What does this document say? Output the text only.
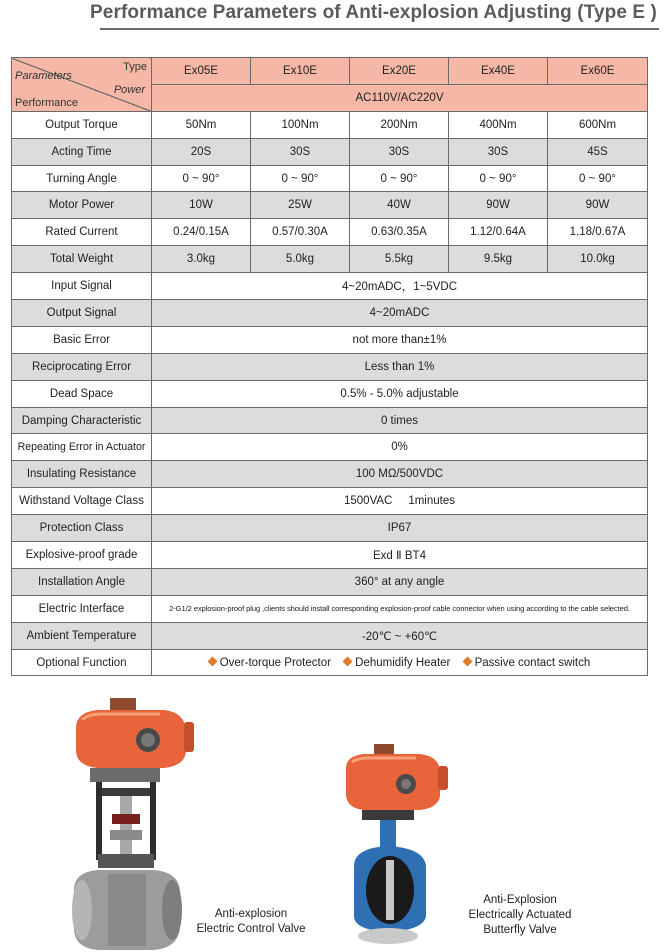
Performance Parameters of Anti-explosion Adjusting (Type E )
Type
Parameters
Power
Performance	Ex05E	Ex10E	Ex20E	Ex40E	Ex60E
	AC110V/AC220V				
Output Torque	50Nm	100Nm	200Nm	400Nm	600Nm
Acting Time	20S	30S	30S	30S	45S
Turning Angle	0 ~ 90°	0 ~ 90°	0 ~ 90°	0 ~ 90°	0 ~ 90°
Motor Power	10W	25W	40W	90W	90W
Rated Current	0.24/0.15A	0.57/0.30A	0.63/0.35A	1.12/0.64A	1.18/0.67A
Total Weight	3.0kg	5.0kg	5.5kg	9.5kg	10.0kg
Input Signal	4~20mADC，1~5VDC				
Output Signal	4~20mADC				
Basic Error	not more than±1%				
Reciprocating Error	Less than 1%				
Dead Space	0.5% - 5.0% adjustable				
Damping Characteristic	0 times				
Repeating Error in Actuator	0%				
Insulating Resistance	100 MΩ/500VDC				
Withstand Voltage Class	1500VAC     1minutes				
Protection Class	IP67				
Explosive-proof grade	Exd Ⅱ BT4				
Installation Angle	360° at any angle				
Electric Interface	2-G1/2 explosion-proof plug ,clients should install corresponding explosion-proof cable connector when using according to the cable selected.				
Ambient Temperature	-20℃ ~ +60℃				
Optional Function	Over-torque Protector Dehumidify Heater Passive contact switch				
Anti-explosion
Electric Control Valve
Anti-Explosion
Electrically Actuated
Butterfly Valve
